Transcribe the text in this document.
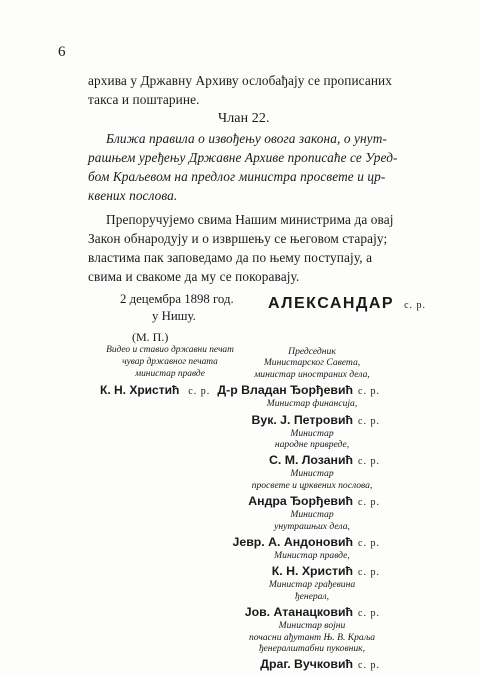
6
архива у Државну Архиву ослобађају се прописаних
такса и поштарине.
Члан 22.
Ближа правила о извођењу овога закона, о унут-
рашњем уређењу Државне Архиве прописаће се Уред-
бом Краљевом на предлог министра просвете и цр-
квених послова.
Препоручујемо свима Нашим министрима да овај
Закон обнародују и о извршењу се његовом старају;
властима пак заповедамо да по њему поступају, а
свима и свакоме да му се покоравају.
2 децембра 1898 год.
у Нишу.
АЛЕКСАНДАР с. р.
(М. П.)
Видео и ставио државни печат
чувар државног печата
министар правде
К. Н. Христић с. р.
Председник
Министарског Савета,
министар иностраних дела,
Д-р Владан Ђорђевић с. р.
Министар финансија,
Вук. Ј. Петровић с. р.
Министар
народне привреде,
С. М. Лозанић с. р.
Министар
просвете и црквених послова,
Андра Ђорђевић с. р.
Министар
унутрашњих дела,
Јевр. А. Андоновић с. р.
Министар правде,
К. Н. Христић с. р.
Министар грађевина
ђенерал,
Јов. Атанацковић с. р.
Министар војни
почасни ађутант Њ. В. Краља
ђенералштабни пуковник,
Драг. Вучковић с. р.
